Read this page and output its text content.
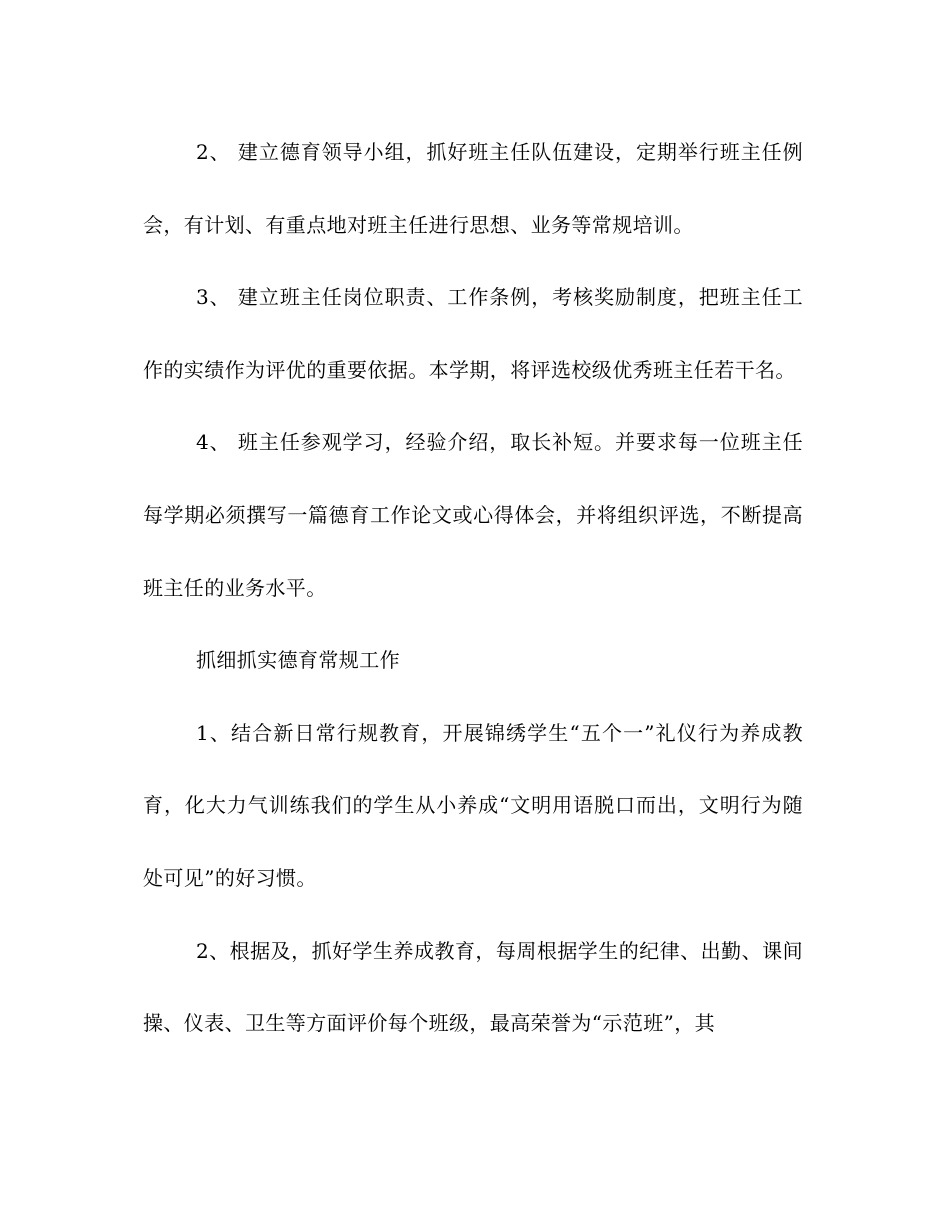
2、 建立德育领导小组，抓好班主任队伍建设，定期举行班主任例会，有计划、有重点地对班主任进行思想、业务等常规培训。

3、 建立班主任岗位职责、工作条例，考核奖励制度，把班主任工作的实绩作为评优的重要依据。本学期，将评选校级优秀班主任若干名。

4、 班主任参观学习，经验介绍，取长补短。并要求每一位班主任每学期必须撰写一篇德育工作论文或心得体会，并将组织评选，不断提高班主任的业务水平。

抓细抓实德育常规工作

1、结合新日常行规教育，开展锦绣学生“五个一”礼仪行为养成教育，化大力气训练我们的学生从小养成“文明用语脱口而出，文明行为随处可见”的好习惯。

2、根据及，抓好学生养成教育，每周根据学生的纪律、出勤、课间操、仪表、卫生等方面评价每个班级，最高荣誉为“示范班”，其
